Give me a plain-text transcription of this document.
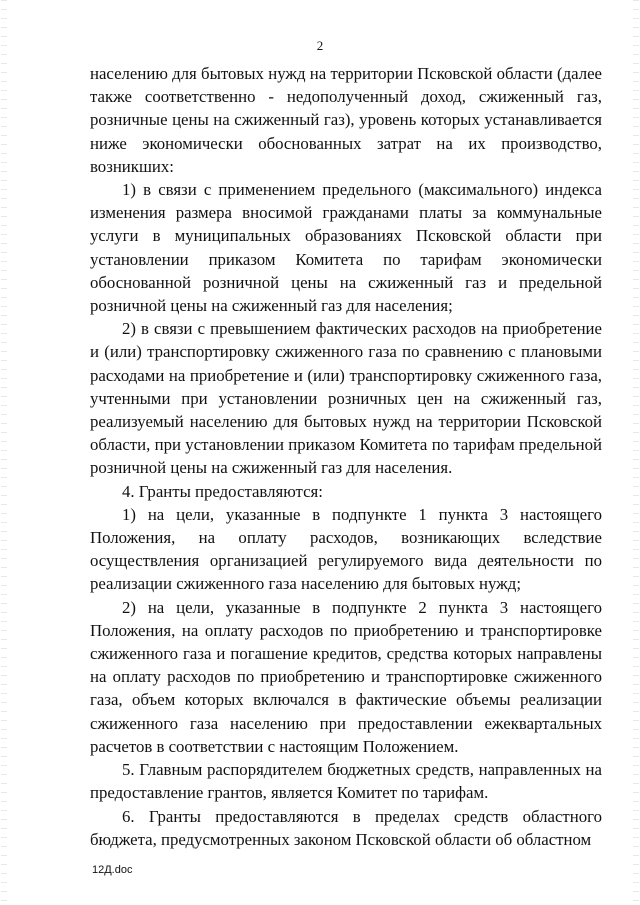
2

населению для бытовых нужд на территории Псковской области (далее также соответственно - недополученный доход, сжиженный газ, розничные цены на сжиженный газ), уровень которых устанавливается ниже экономически обоснованных затрат на их производство, возникших:

1) в связи с применением предельного (максимального) индекса изменения размера вносимой гражданами платы за коммунальные услуги в муниципальных образованиях Псковской области при установлении приказом Комитета по тарифам экономически обоснованной розничной цены на сжиженный газ и предельной розничной цены на сжиженный газ для населения;

2) в связи с превышением фактических расходов на приобретение и (или) транспортировку сжиженного газа по сравнению с плановыми расходами на приобретение и (или) транспортировку сжиженного газа, учтенными при установлении розничных цен на сжиженный газ, реализуемый населению для бытовых нужд на территории Псковской области, при установлении приказом Комитета по тарифам предельной розничной цены на сжиженный газ для населения.

4. Гранты предоставляются:

1) на цели, указанные в подпункте 1 пункта 3 настоящего Положения, на оплату расходов, возникающих вследствие осуществления организацией регулируемого вида деятельности по реализации сжиженного газа населению для бытовых нужд;

2) на цели, указанные в подпункте 2 пункта 3 настоящего Положения, на оплату расходов по приобретению и транспортировке сжиженного газа и погашение кредитов, средства которых направлены на оплату расходов по приобретению и транспортировке сжиженного газа, объем которых включался в фактические объемы реализации сжиженного газа населению при предоставлении ежеквартальных расчетов в соответствии с настоящим Положением.

5. Главным распорядителем бюджетных средств, направленных на предоставление грантов, является Комитет по тарифам.

6. Гранты предоставляются в пределах средств областного бюджета, предусмотренных законом Псковской области об областном

12Д.doc
